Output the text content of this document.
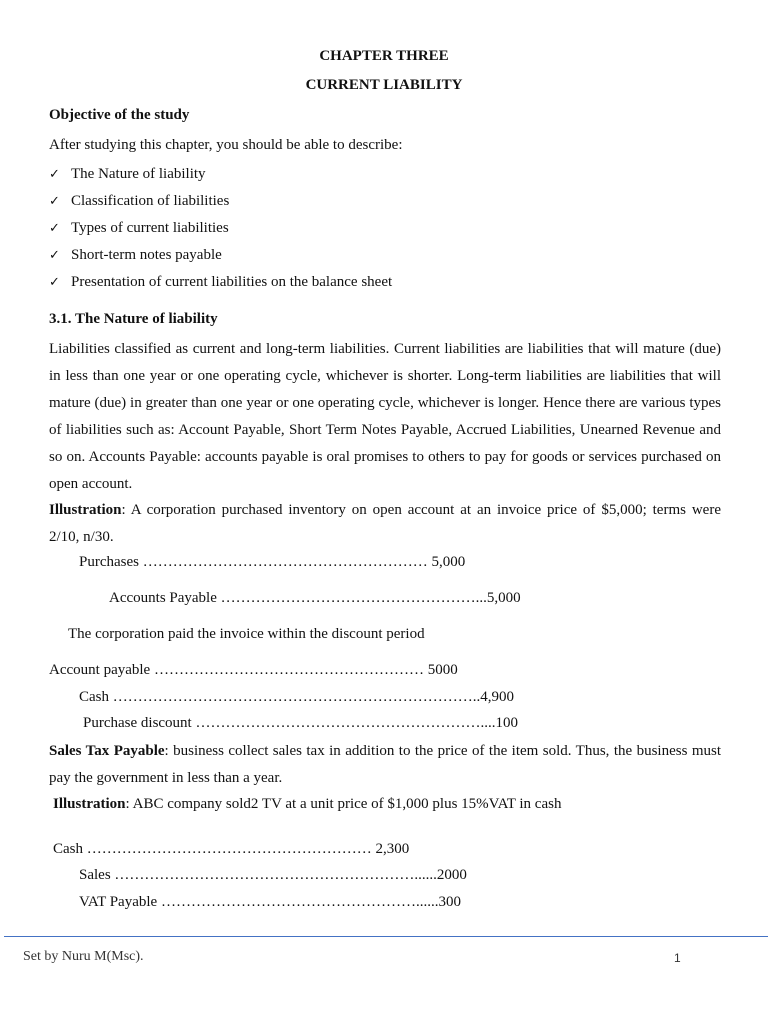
CHAPTER THREE
CURRENT LIABILITY
Objective of the study
After studying this chapter, you should be able to describe:
✓ The Nature of liability
✓ Classification of liabilities
✓ Types of current liabilities
✓ Short-term notes payable
✓ Presentation of current liabilities on the balance sheet
3.1. The Nature of liability
Liabilities classified as current and long-term liabilities. Current liabilities are liabilities that will mature (due) in less than one year or one operating cycle, whichever is shorter. Long-term liabilities are liabilities that will mature (due) in greater than one year or one operating cycle, whichever is longer. Hence there are various types of liabilities such as: Account Payable, Short Term Notes Payable, Accrued Liabilities, Unearned Revenue and so on. Accounts Payable: accounts payable is oral promises to others to pay for goods or services purchased on open account.
Illustration: A corporation purchased inventory on open account at an invoice price of $5,000; terms were 2/10, n/30.
Purchases ………………………………………………… 5,000
Accounts Payable ……………………………………………...5,000
The corporation paid the invoice within the discount period
Account payable ……………………………………………… 5000
Cash ………………………………………………………………..4,900
Purchase discount …………………………………………………....100
Sales Tax Payable: business collect sales tax in addition to the price of the item sold. Thus, the business must pay the government in less than a year.
Illustration: ABC company sold2 TV at a unit price of $1,000 plus 15%VAT in cash
Cash ………………………………………………… 2,300
Sales ……………………………………………………......2000
VAT Payable ……………………………………………......300
Set by Nuru M(Msc).	1
